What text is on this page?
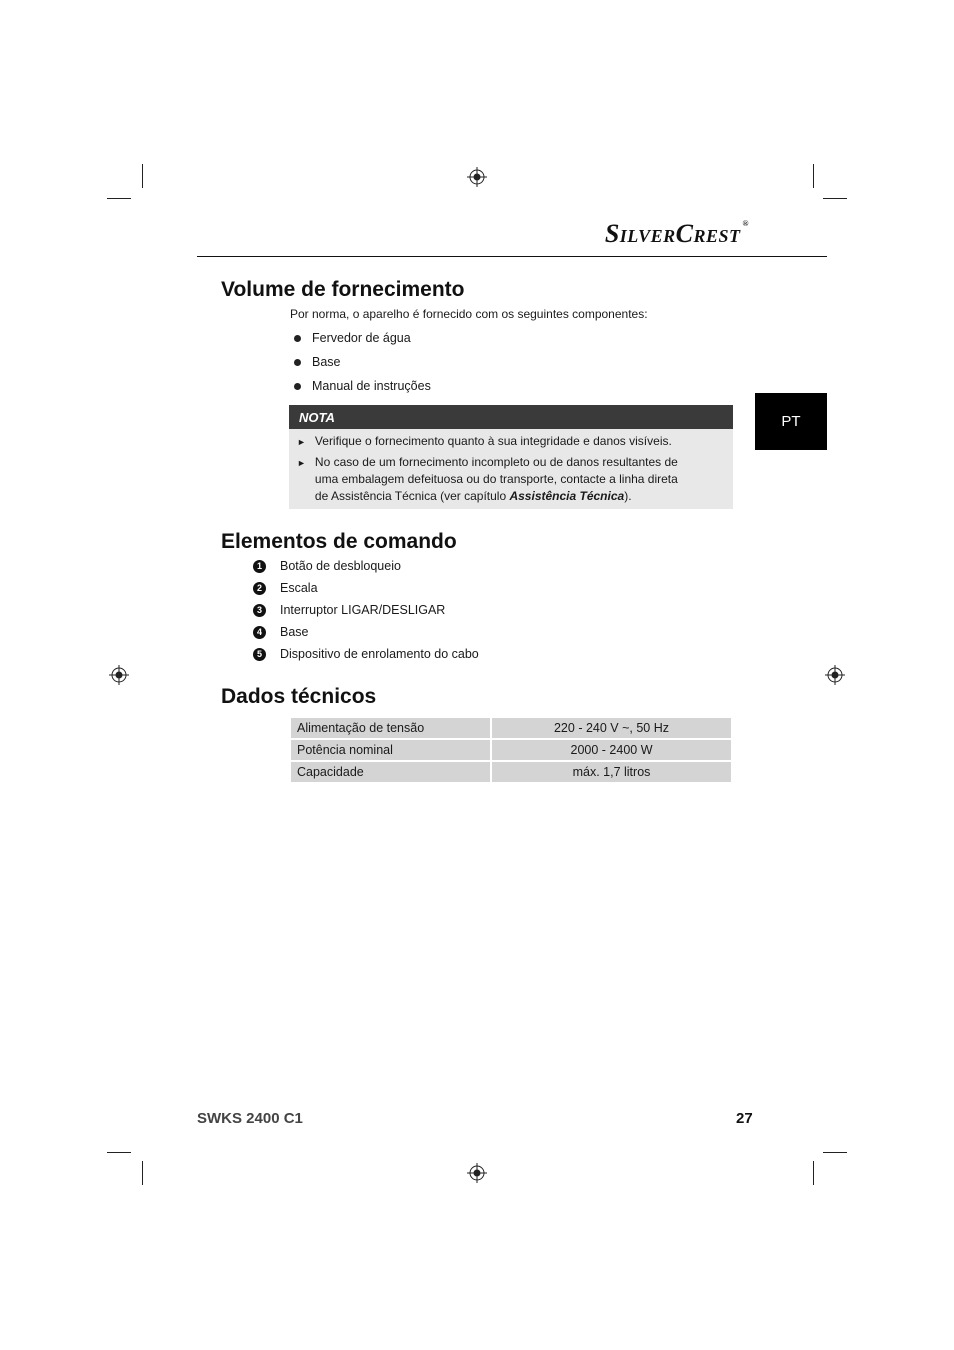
SilverCrest ®
PT
Volume de fornecimento
Por norma, o aparelho é fornecido com os seguintes componentes:
Fervedor de água
Base
Manual de instruções
NOTA
► Verifique o fornecimento quanto à sua integridade e danos visíveis.
► No caso de um fornecimento incompleto ou de danos resultantes de
uma embalagem defeituosa ou do transporte, contacte a linha direta
de Assistência Técnica (ver capítulo Assistência Técnica).
Elementos de comando
1	Botão de desbloqueio
2	Escala
3	Interruptor LIGAR/DESLIGAR
4	Base
5	Dispositivo de enrolamento do cabo
Dados técnicos
Alimentação de tensão	220 - 240 V ~, 50 Hz
Potência nominal	2000 - 2400 W
Capacidade	máx. 1,7 litros
SWKS 2400 C1	27
